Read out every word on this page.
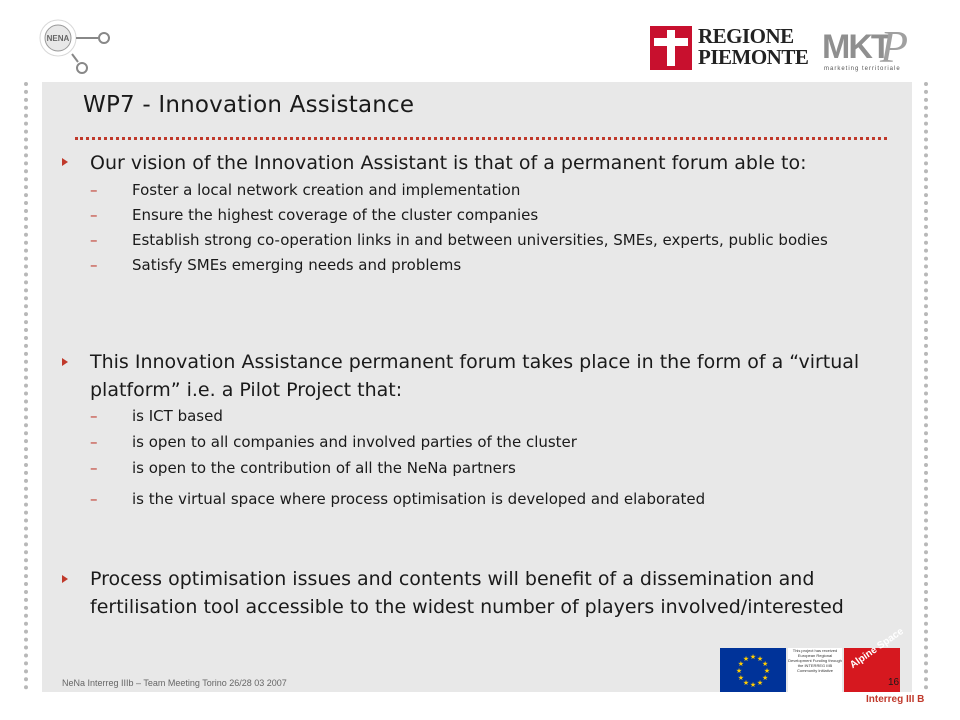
NENA	REGIONE
PIEMONTE MKT
P
marketing territoriale
WP7 - Innovation Assistance
Our vision of the Innovation Assistant is that of a permanent forum able to:
– Foster a local network creation and implementation
– Ensure the highest coverage of the cluster companies
– Establish strong co-operation links in and between universities, SMEs, experts, public bodies
– Satisfy SMEs emerging needs and problems
This Innovation Assistance permanent forum takes place in the form of a “virtual platform” i.e. a Pilot Project that:
– is ICT based
– is open to all companies and involved parties of the cluster
– is open to the contribution of all the NeNa partners
– is the virtual space where process optimisation is developed and elaborated
Process optimisation issues and contents will benefit of a dissemination and fertilisation tool accessible to the widest number of players involved/interested
NeNa Interreg IIIb – Team Meeting Torino 26/28 03 2007
★
★
★
★
★
★
★
★
★ ★ ★
★
This project has received European Regional Development Funding through the INTERREG IIIB Community Initiative	Alpine Space
Interreg III B
16
